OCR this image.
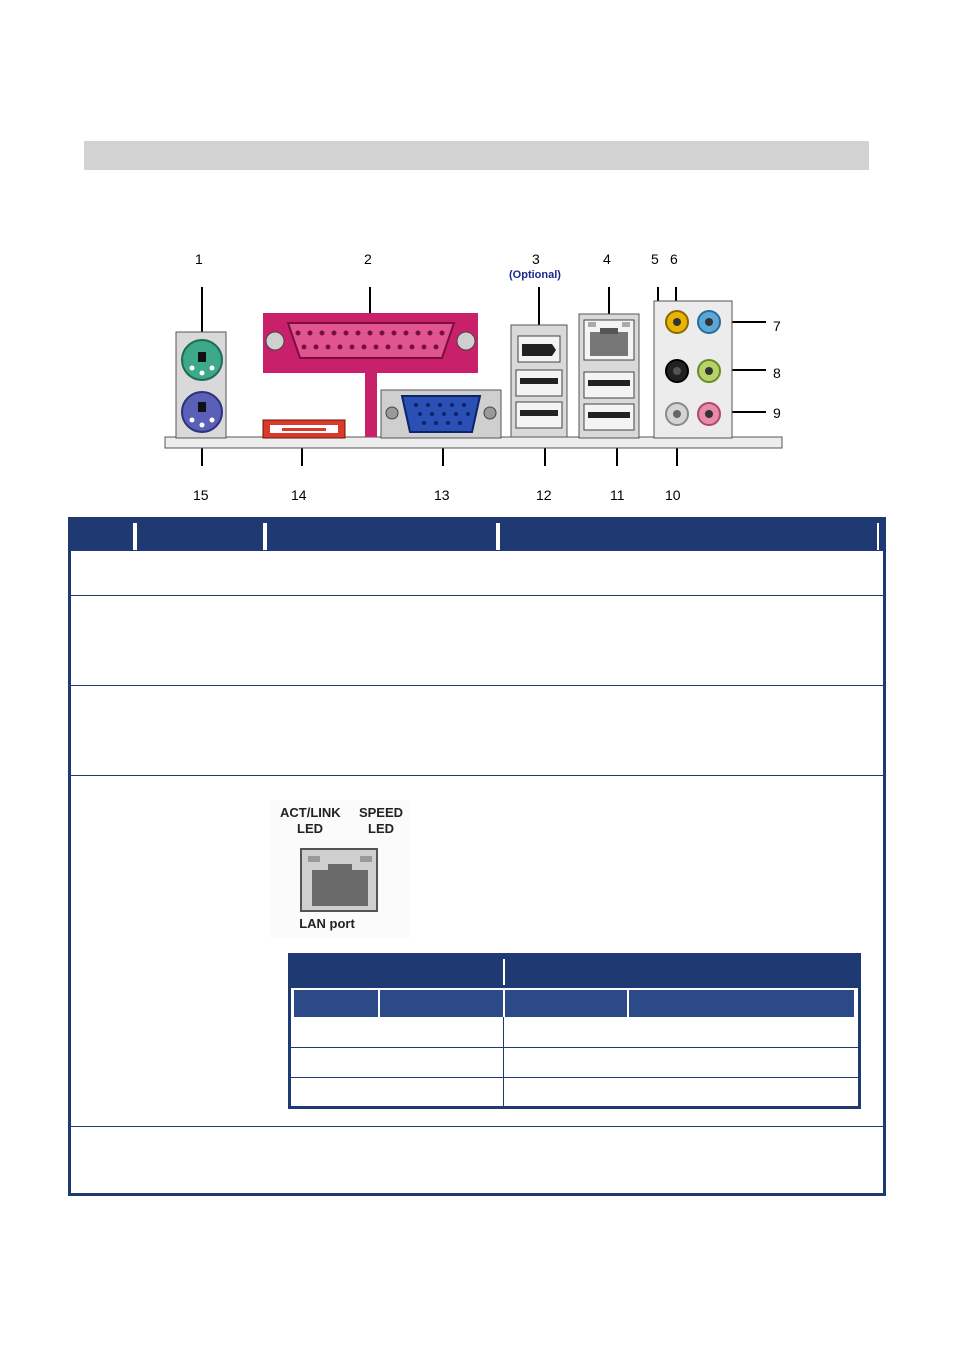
1	2	3
(Optional)
4	5 6
7
8
9
10
11
12
13
14
15
ACT/LINK
LED
SPEED
LED
LAN port
